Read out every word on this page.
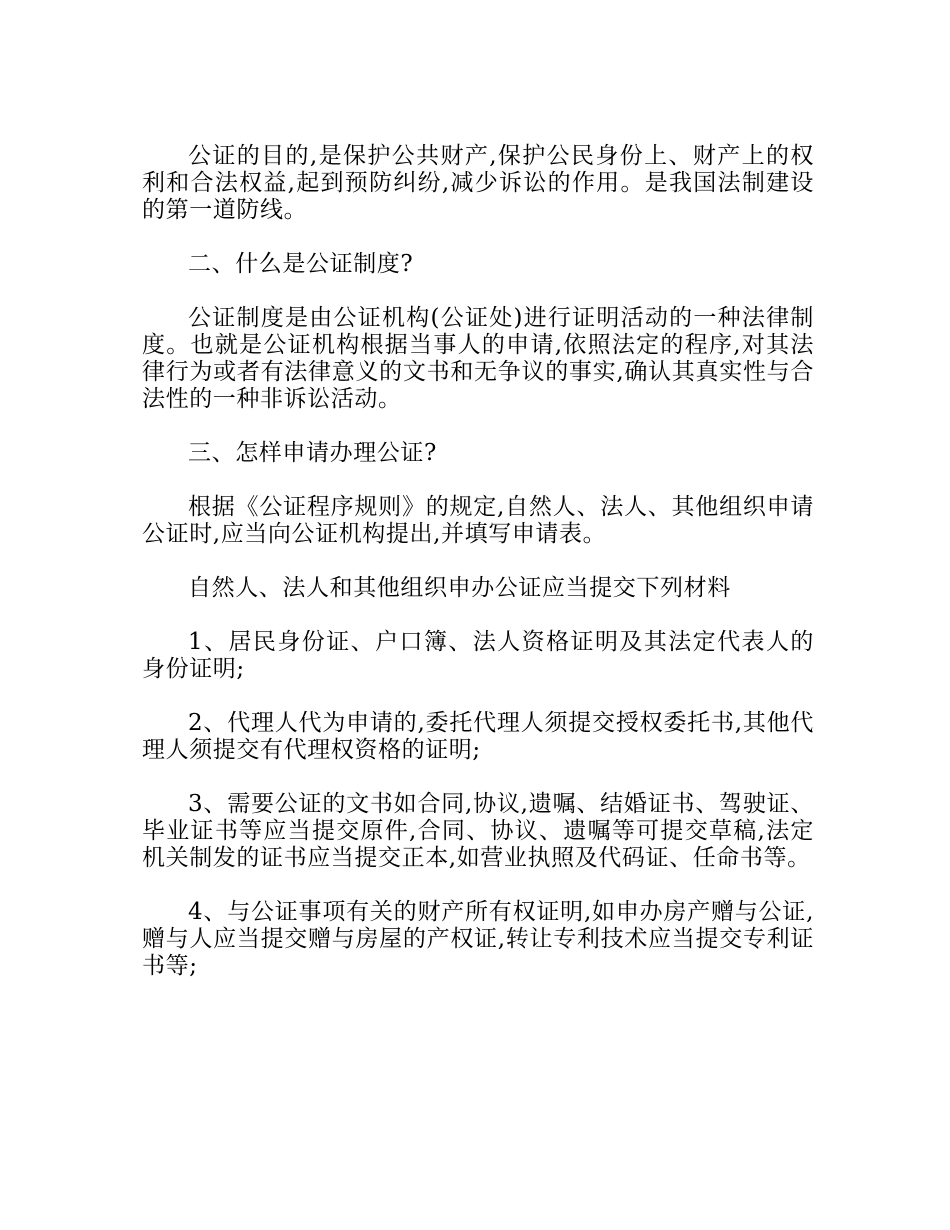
公证的目的,是保护公共财产,保护公民身份上、财产上的权利和合法权益,起到预防纠纷,减少诉讼的作用。是我国法制建设的第一道防线。

二、什么是公证制度?

公证制度是由公证机构(公证处)进行证明活动的一种法律制度。也就是公证机构根据当事人的申请,依照法定的程序,对其法律行为或者有法律意义的文书和无争议的事实,确认其真实性与合法性的一种非诉讼活动。

三、怎样申请办理公证?

根据《公证程序规则》的规定,自然人、法人、其他组织申请公证时,应当向公证机构提出,并填写申请表。

自然人、法人和其他组织申办公证应当提交下列材料

1、居民身份证、户口簿、法人资格证明及其法定代表人的身份证明;

2、代理人代为申请的,委托代理人须提交授权委托书,其他代理人须提交有代理权资格的证明;

3、需要公证的文书如合同,协议,遗嘱、结婚证书、驾驶证、毕业证书等应当提交原件,合同、协议、遗嘱等可提交草稿,法定机关制发的证书应当提交正本,如营业执照及代码证、任命书等。

4、与公证事项有关的财产所有权证明,如申办房产赠与公证,赠与人应当提交赠与房屋的产权证,转让专利技术应当提交专利证书等;
